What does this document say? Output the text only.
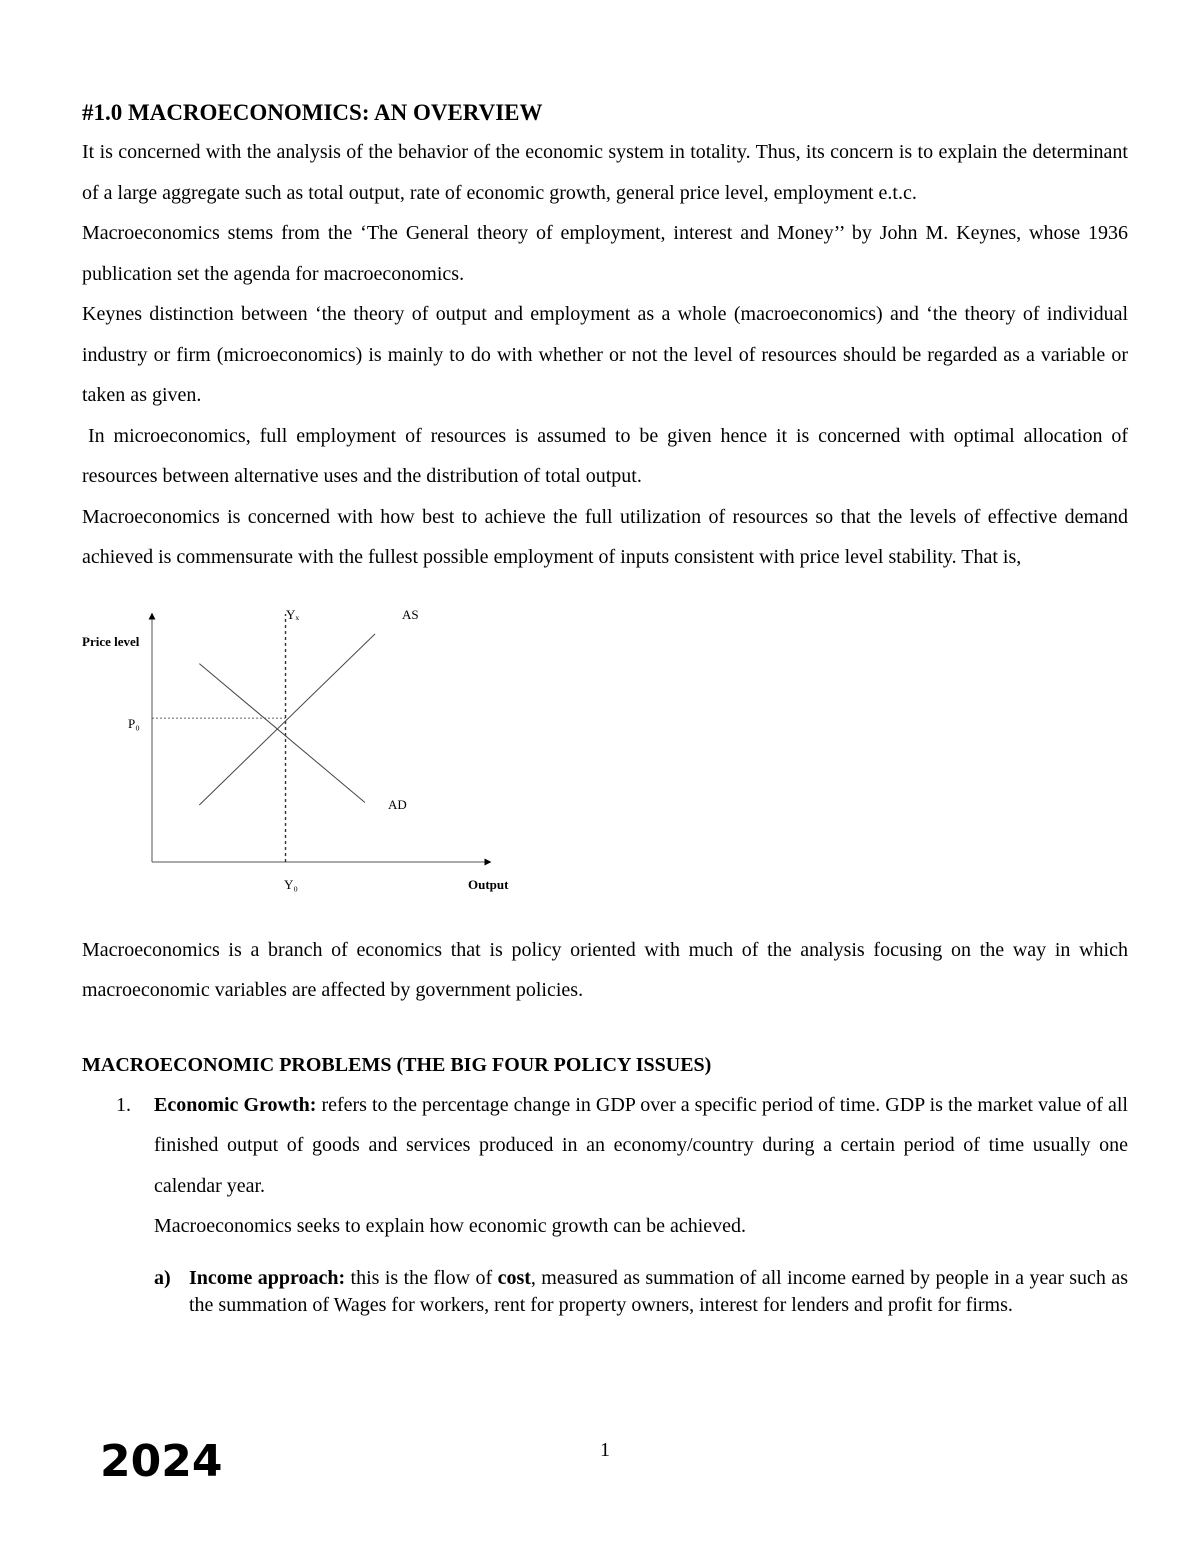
#1.0 MACROECONOMICS: AN OVERVIEW

It is concerned with the analysis of the behavior of the economic system in totality. Thus, its concern is to explain the determinant of a large aggregate such as total output, rate of economic growth, general price level, employment e.t.c.

Macroeconomics stems from the ‘The General theory of employment, interest and Money’’ by John M. Keynes, whose 1936 publication set the agenda for macroeconomics.

Keynes distinction between ‘the theory of output and employment as a whole (macroeconomics) and ‘the theory of individual industry or firm (microeconomics) is mainly to do with whether or not the level of resources should be regarded as a variable or taken as given.

In microeconomics, full employment of resources is assumed to be given hence it is concerned with optimal allocation of resources between alternative uses and the distribution of total output.

Macroeconomics is concerned with how best to achieve the full utilization of resources so that the levels of effective demand achieved is commensurate with the fullest possible employment of inputs consistent with price level stability. That is,

Price level
Output
AS
AD
Yₓ
P₀
Y₀

Macroeconomics is a branch of economics that is policy oriented with much of the analysis focusing on the way in which macroeconomic variables are affected by government policies.

MACROECONOMIC PROBLEMS (THE BIG FOUR POLICY ISSUES)
1. Economic Growth: refers to the percentage change in GDP over a specific period of time. GDP is the market value of all finished output of goods and services produced in an economy/country during a certain period of time usually one calendar year.

Macroeconomics seeks to explain how economic growth can be achieved.
a) Income approach: this is the flow of cost, measured as summation of all income earned by people in a year such as the summation of Wages for workers, rent for property owners, interest for lenders and profit for firms.

2024	1
